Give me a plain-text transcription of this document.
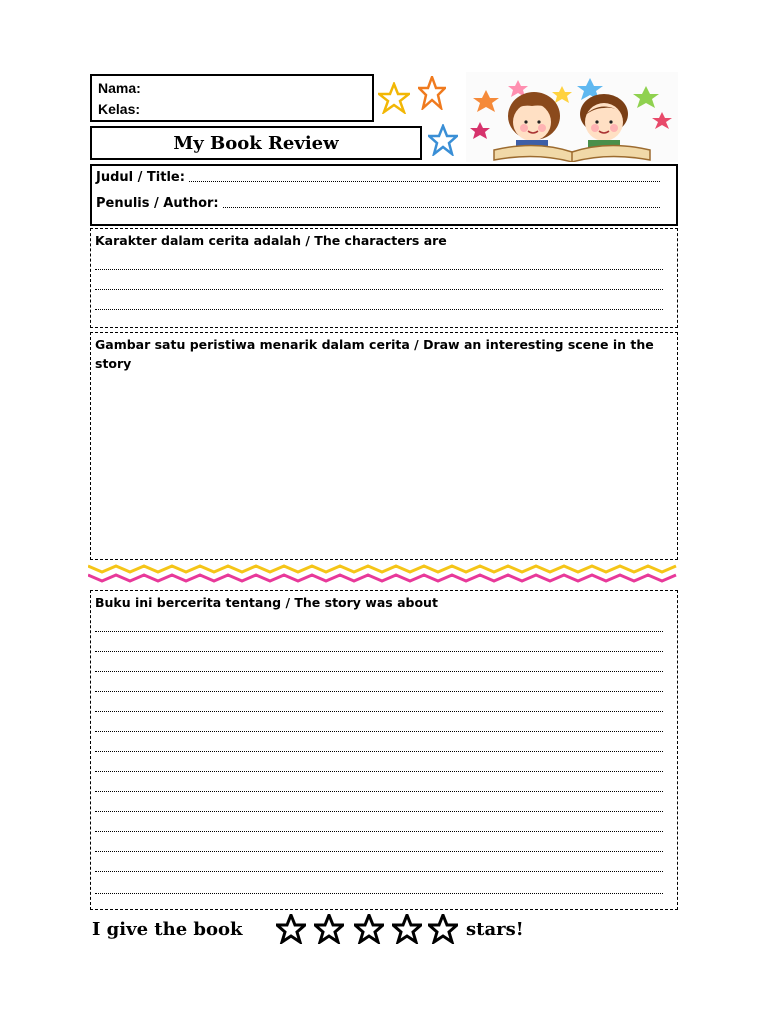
Nama:
Kelas:
My Book Review
Judul / Title:
Penulis / Author:
Karakter dalam cerita adalah / The characters are
Gambar satu peristiwa menarik dalam cerita / Draw an interesting scene in the story
Buku ini bercerita tentang / The story was about
I give the book	stars!
